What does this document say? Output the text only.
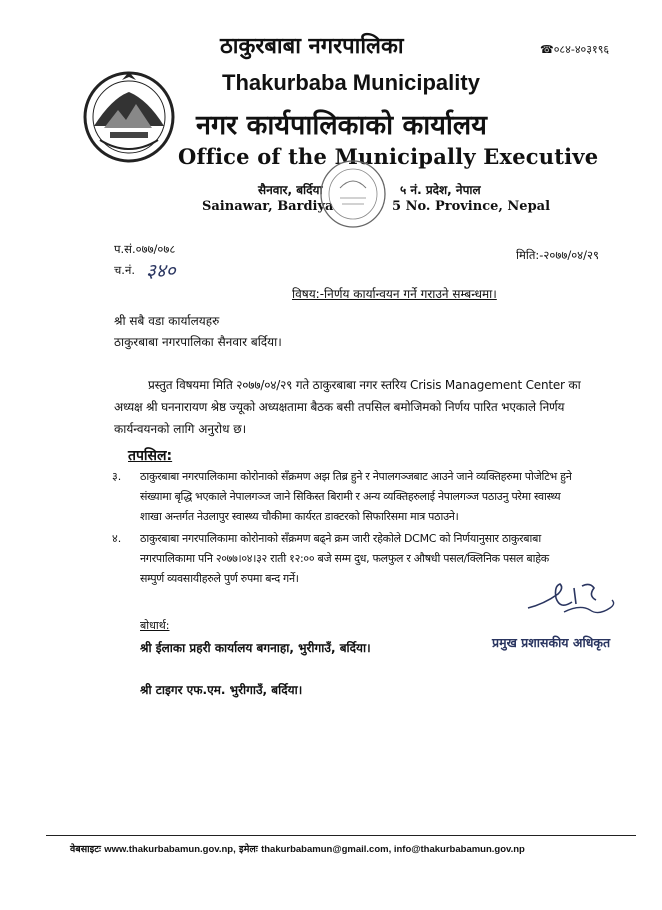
ठाकुरबाबा नगरपालिका	☎०८४-४०३१९६
Thakurbaba Municipality
नगर कार्यपालिकाको कार्यालय
Office of the Municipally Executive
सैनवार, बर्दिया	५ नं. प्रदेश, नेपाल
Sainawar, Bardiya	5 No. Province, Nepal
प.सं.०७७/०७८
च.नं. ३४०
मिति:-२०७७/०४/२९
विषय:-निर्णय कार्यान्वयन गर्ने गराउने सम्बन्धमा।
श्री सबै वडा कार्यालयहरु
ठाकुरबाबा नगरपालिका सैनवार बर्दिया।
प्रस्तुत विषयमा मिति २०७७/०४/२९ गते ठाकुरबाबा नगर स्तरिय Crisis Management Center का
अध्यक्ष श्री घननारायण श्रेष्ठ ज्यूको अध्यक्षतामा बैठक बसी तपसिल बमोजिमको निर्णय पारित भएकाले निर्णय
कार्यन्वयनको लागि अनुरोध छ।
तपसिल:
३. ठाकुरबाबा नगरपालिकामा कोरोनाको सँक्रमण अझ तिब्र हुने र नेपालगञ्जबाट आउने जाने व्यक्तिहरुमा पोजेटिभ हुने
संख्यामा बृद्धि भएकाले नेपालगञ्ज जाने सिकिस्त बिरामी र अन्य व्यक्तिहरुलाई नेपालगञ्ज पठाउनु परेमा स्वास्थ्य
शाखा अन्तर्गत नेउलापुर स्वास्थ्य चौकीमा कार्यरत डाक्टरको सिफारिसमा मात्र पठाउने।
४. ठाकुरबाबा नगरपालिकामा कोरोनाको सँक्रमण बढ्ने क्रम जारी रहेकोले DCMC को निर्णयानुसार ठाकुरबाबा
नगरपालिकामा पनि २०७७।०४।३२ राती १२:०० बजे सम्म दुध, फलफुल र औषधी पसल/क्लिनिक पसल बाहेक
सम्पुर्ण व्यवसायीहरुले पुर्ण रुपमा बन्द गर्ने।
बोधार्थ:
श्री ईलाका प्रहरी कार्यालय बगनाहा, भुरीगाउँ, बर्दिया।	प्रमुख प्रशासकीय अधिकृत
श्री टाइगर एफ.एम. भुरीगाउँ, बर्दिया।
वेबसाइटः www.thakurbabamun.gov.np, इमेलः thakurbabamun@gmail.com, info@thakurbabamun.gov.np
